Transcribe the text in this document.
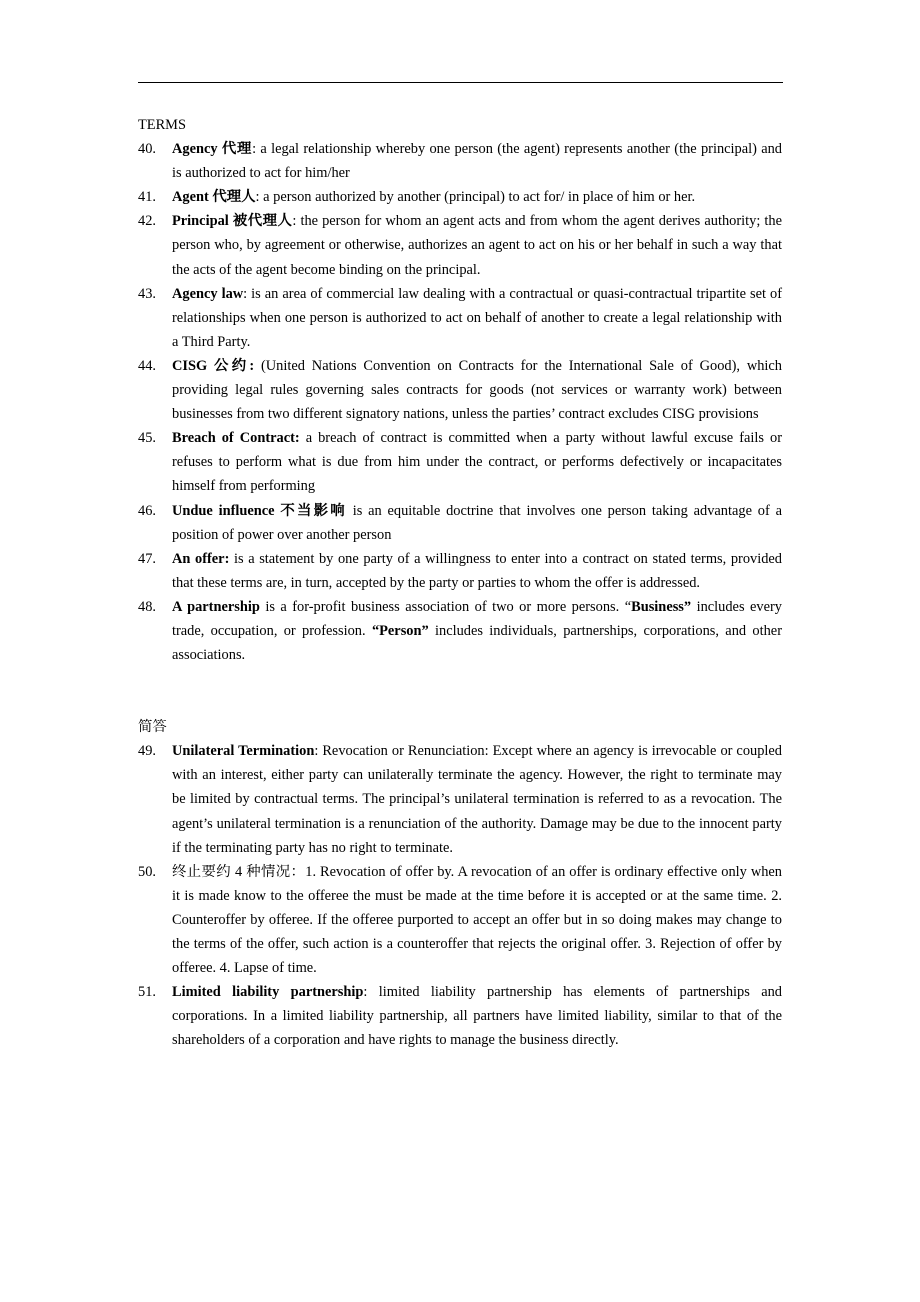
TERMS

40. Agency 代理: a legal relationship whereby one person (the agent) represents another (the principal) and is authorized to act for him/her
41. Agent 代理人: a person authorized by another (principal) to act for/ in place of him or her.
42. Principal 被代理人: the person for whom an agent acts and from whom the agent derives authority; the person who, by agreement or otherwise, authorizes an agent to act on his or her behalf in such a way that the acts of the agent become binding on the principal.
43. Agency law: is an area of commercial law dealing with a contractual or quasi-contractual tripartite set of relationships when one person is authorized to act on behalf of another to create a legal relationship with a Third Party.
44. CISG 公约: (United Nations Convention on Contracts for the International Sale of Good), which providing legal rules governing sales contracts for goods (not services or warranty work) between businesses from two different signatory nations, unless the parties’ contract excludes CISG provisions
45. Breach of Contract: a breach of contract is committed when a party without lawful excuse fails or refuses to perform what is due from him under the contract, or performs defectively or incapacitates himself from performing
46. Undue influence 不当影响 is an equitable doctrine that involves one person taking advantage of a position of power over another person
47. An offer: is a statement by one party of a willingness to enter into a contract on stated terms, provided that these terms are, in turn, accepted by the party or parties to whom the offer is addressed.
48. A partnership is a for-profit business association of two or more persons. “Business” includes every trade, occupation, or profession. “Person” includes individuals, partnerships, corporations, and other associations.

简答

49. Unilateral Termination: Revocation or Renunciation: Except where an agency is irrevocable or coupled with an interest, either party can unilaterally terminate the agency. However, the right to terminate may be limited by contractual terms. The principal’s unilateral termination is referred to as a revocation. The agent’s unilateral termination is a renunciation of the authority. Damage may be due to the innocent party if the terminating party has no right to terminate.
50. 终止要约 4 种情况：1. Revocation of offer by. A revocation of an offer is ordinary effective only when it is made know to the offeree the must be made at the time before it is accepted or at the same time. 2. Counteroffer by offeree. If the offeree purported to accept an offer but in so doing makes may change to the terms of the offer, such action is a counteroffer that rejects the original offer. 3. Rejection of offer by offeree. 4. Lapse of time.
51. Limited liability partnership: limited liability partnership has elements of partnerships and corporations. In a limited liability partnership, all partners have limited liability, similar to that of the shareholders of a corporation and have rights to manage the business directly.
